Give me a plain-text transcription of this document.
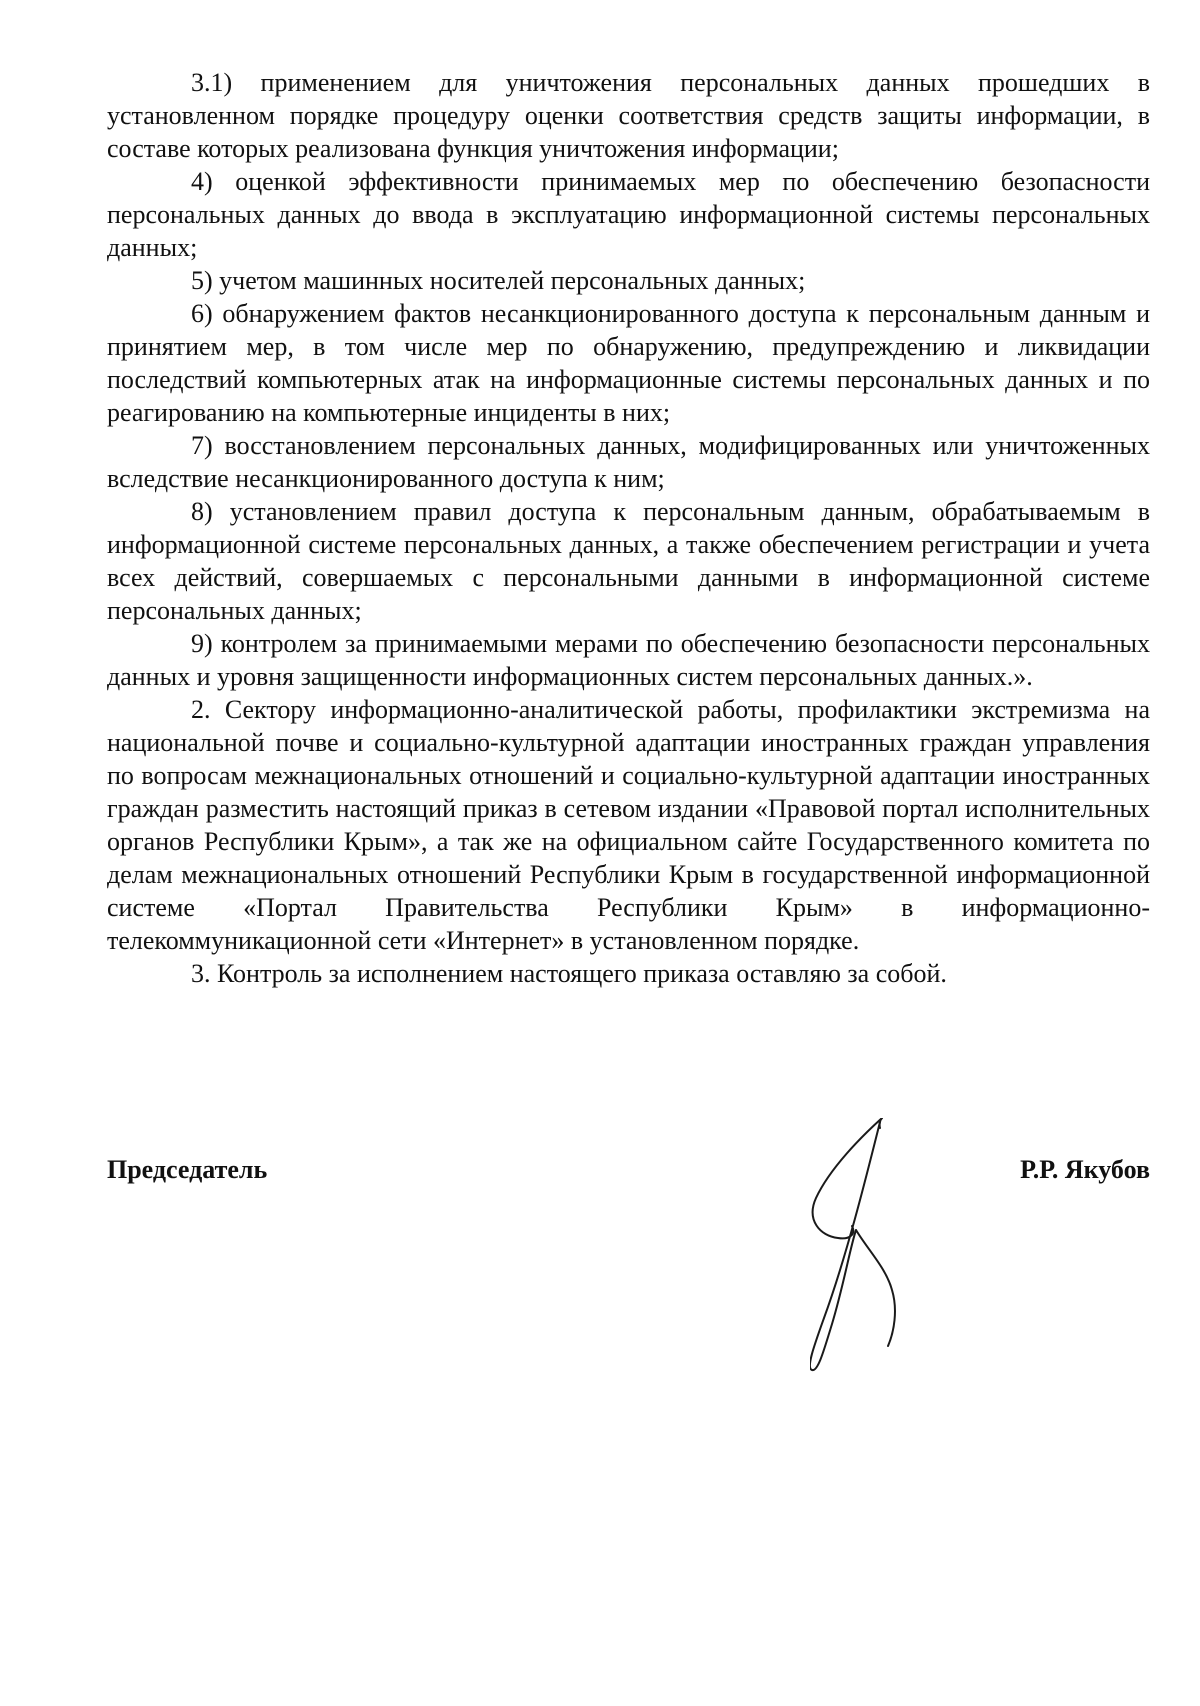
3.1) применением для уничтожения персональных данных прошедших в установленном порядке процедуру оценки соответствия средств защиты информации, в составе которых реализована функция уничтожения информации;

4) оценкой эффективности принимаемых мер по обеспечению безопасности персональных данных до ввода в эксплуатацию информационной системы персональных данных;

5) учетом машинных носителей персональных данных;

6) обнаружением фактов несанкционированного доступа к персональным данным и принятием мер, в том числе мер по обнаружению, предупреждению и ликвидации последствий компьютерных атак на информационные системы персональных данных и по реагированию на компьютерные инциденты в них;

7) восстановлением персональных данных, модифицированных или уничтоженных вследствие несанкционированного доступа к ним;

8) установлением правил доступа к персональным данным, обрабатываемым в информационной системе персональных данных, а также обеспечением регистрации и учета всех действий, совершаемых с персональными данными в информационной системе персональных данных;

9) контролем за принимаемыми мерами по обеспечению безопасности персональных данных и уровня защищенности информационных систем персональных данных.».

2. Сектору информационно-аналитической работы, профилактики экстремизма на национальной почве и социально-культурной адаптации иностранных граждан управления по вопросам межнациональных отношений и социально-культурной адаптации иностранных граждан разместить настоящий приказ в сетевом издании «Правовой портал исполнительных органов Республики Крым», а так же на официальном сайте Государственного комитета по делам межнациональных отношений Республики Крым в государственной информационной системе «Портал Правительства Республики Крым» в информационно-телекоммуникационной сети «Интернет» в установленном порядке.

3. Контроль за исполнением настоящего приказа оставляю за собой.

Председатель	Р.Р. Якубов
